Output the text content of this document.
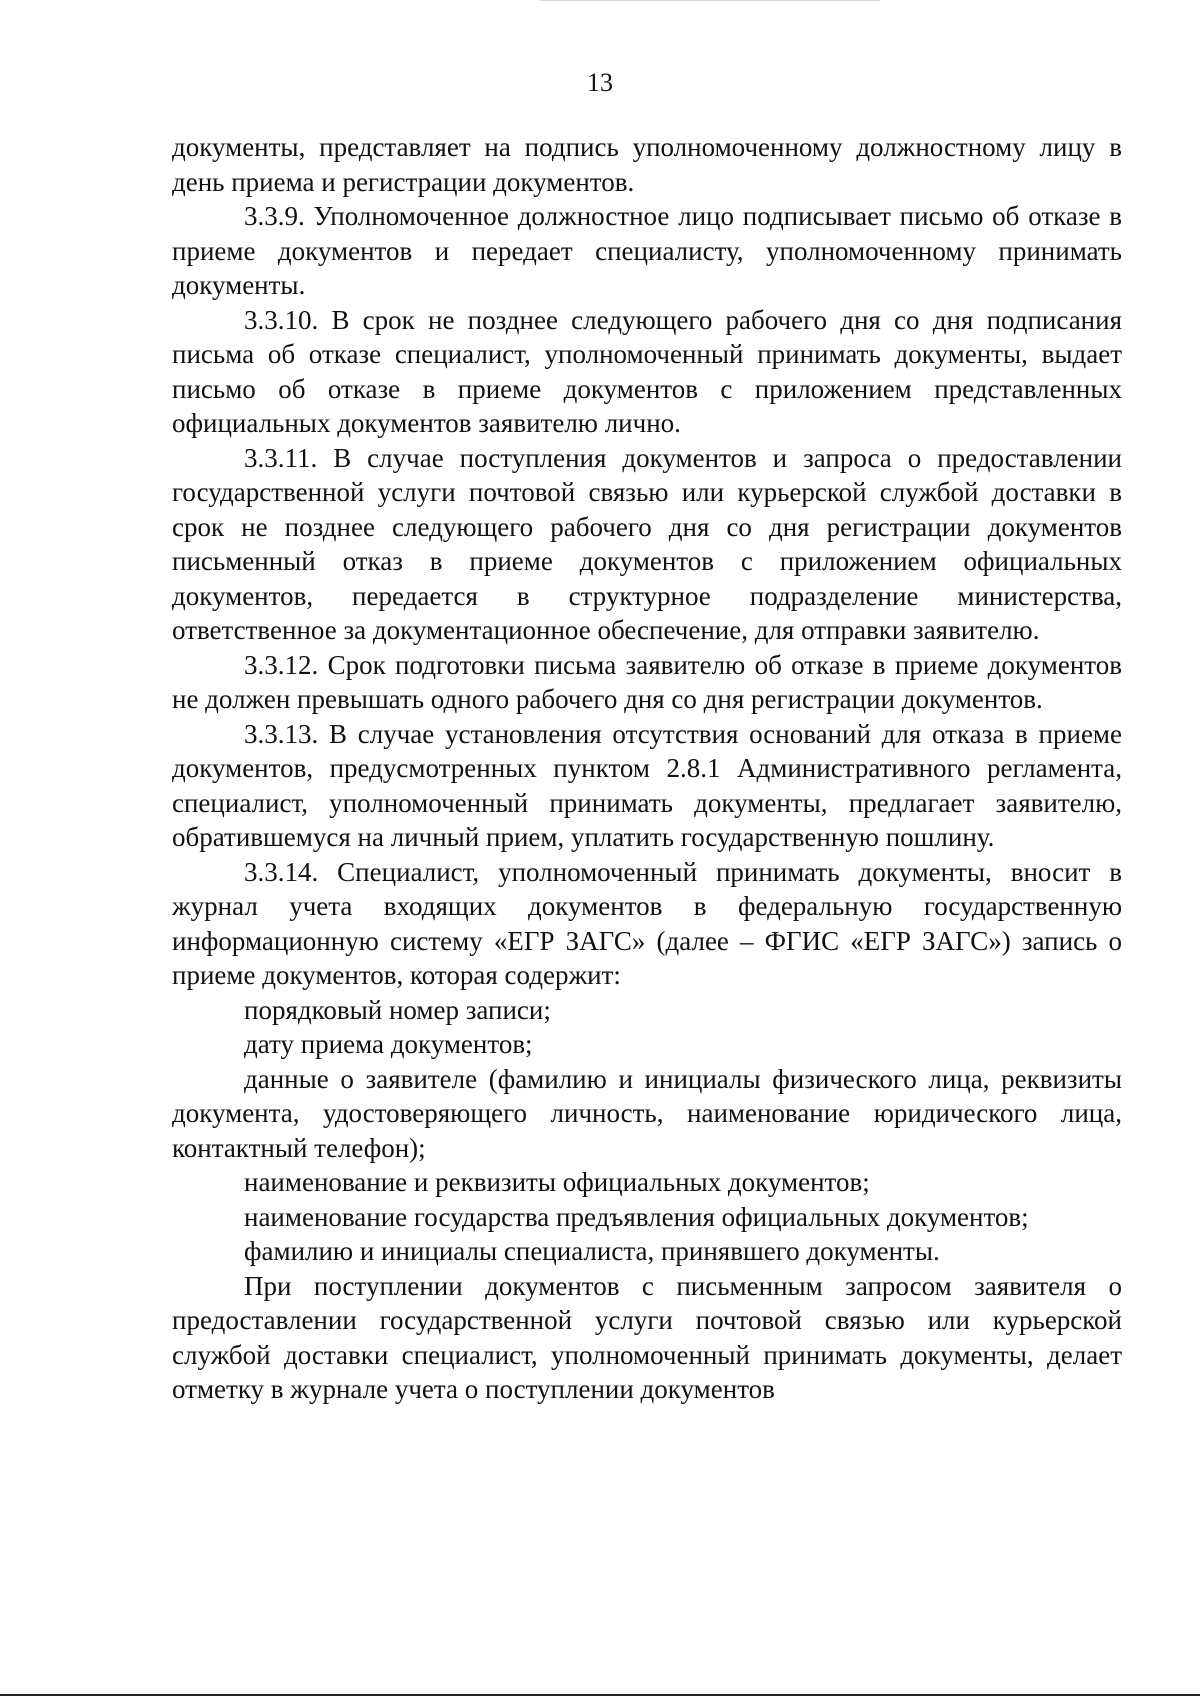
13

документы, представляет на подпись уполномоченному должностному лицу в день приема и регистрации документов.

3.3.9. Уполномоченное должностное лицо подписывает письмо об отказе в приеме документов и передает специалисту, уполномоченному принимать документы.

3.3.10. В срок не позднее следующего рабочего дня со дня подписания письма об отказе специалист, уполномоченный принимать документы, выдает письмо об отказе в приеме документов с приложением представленных официальных документов заявителю лично.

3.3.11. В случае поступления документов и запроса о предоставлении государственной услуги почтовой связью или курьерской службой доставки в срок не позднее следующего рабочего дня со дня регистрации документов письменный отказ в приеме документов с приложением официальных документов, передается в структурное подразделение министерства, ответственное за документационное обеспечение, для отправки заявителю.

3.3.12. Срок подготовки письма заявителю об отказе в приеме документов не должен превышать одного рабочего дня со дня регистрации документов.

3.3.13. В случае установления отсутствия оснований для отказа в приеме документов, предусмотренных пунктом 2.8.1 Административного регламента, специалист, уполномоченный принимать документы, предлагает заявителю, обратившемуся на личный прием, уплатить государственную пошлину.

3.3.14. Специалист, уполномоченный принимать документы, вносит в журнал учета входящих документов в федеральную государственную информационную систему «ЕГР ЗАГС» (далее – ФГИС «ЕГР ЗАГС») запись о приеме документов, которая содержит:

порядковый номер записи;

дату приема документов;

данные о заявителе (фамилию и инициалы физического лица, реквизиты документа, удостоверяющего личность, наименование юридического лица, контактный телефон);

наименование и реквизиты официальных документов;

наименование государства предъявления официальных документов;

фамилию и инициалы специалиста, принявшего документы.

При поступлении документов с письменным запросом заявителя о предоставлении государственной услуги почтовой связью или курьерской службой доставки специалист, уполномоченный принимать документы, делает отметку в журнале учета о поступлении документов
